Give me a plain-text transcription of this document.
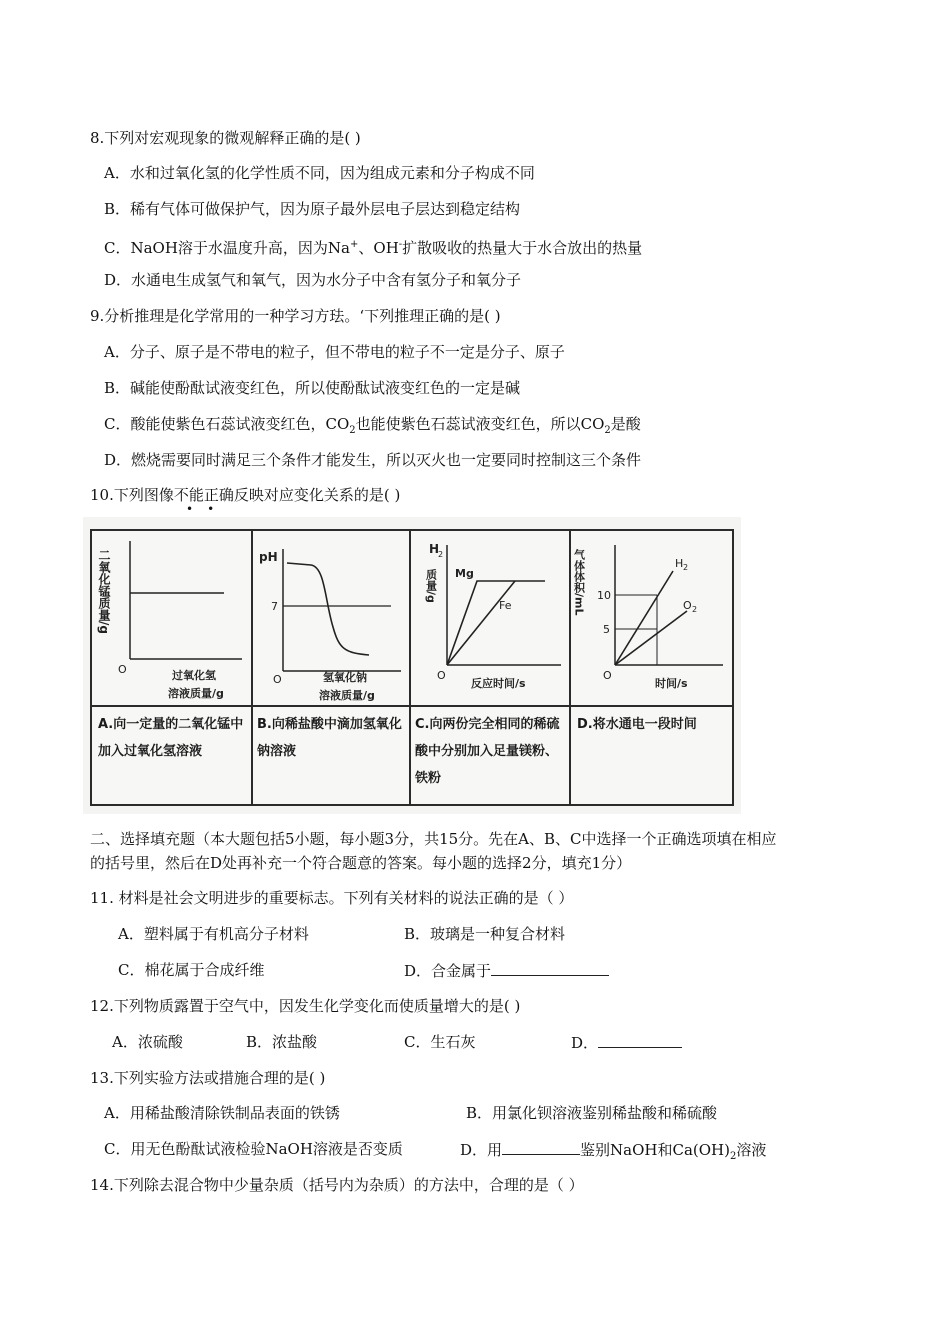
8.下列对宏观现象的微观解释正确的是( )
A．水和过氧化氢的化学性质不同，因为组成元素和分子构成不同
B．稀有气体可做保护气，因为原子最外层电子层达到稳定结构
C．NaOH溶于水温度升高，因为Na+、OH-扩散吸收的热量大于水合放出的热量
D．水通电生成氢气和氧气，因为水分子中含有氢分子和氧分子
9.分析推理是化学常用的一种学习方珐。‘下列推理正确的是( )
A．分子、原子是不带电的粒子，但不带电的粒子不一定是分子、原子
B．碱能使酚酞试液变红色，所以使酚酞试液变红色的一定是碱
C．酸能使紫色石蕊试液变红色，$CO_2$也能使紫色石蕊试液变红色，所以$CO_2$是酸
D．燃烧需要同时满足三个条件才能发生，所以灭火也一定要同时控制这三个条件
10.下列图像不能正确反映对应变化关系的是( )
••
二氧化锰质量/g
O	过氧化氢
溶液质量/g
A.向一定量的二氧化锰中加入过氧化氢溶液
pH
7
O	氢氧化钠
溶液质量/g
B.向稀盐酸中滴加氢氧化钠溶液
H
2
质量/g Mg
Fe
O
反应时间/s
C.向两份完全相同的稀硫酸中分别加入足量镁粉、铁粉
气体体积/mL 10
5
H 2
O 2
O
时间/s
D.将水通电一段时间
二、选择填充题（本大题包括5小题，每小题3分，共15分。先在A、B、C中选择一个正确选项填在相应
的括号里，然后在D处再补充一个符合题意的答案。每小题的选择2分，填充1分）
11. 材料是社会文明进步的重要标志。下列有关材料的说法正确的是（ ）
A．塑料属于有机高分子材料	B．玻璃是一种复合材料
C．棉花属于合成纤维	D．合金属于
12.下列物质露置于空气中，因发生化学变化而使质量增大的是( )
A．浓硫酸	B．浓盐酸	C．生石灰	D．
13.下列实验方法或措施合理的是( )
A．用稀盐酸清除铁制品表面的铁锈	B．用氯化钡溶液鉴别稀盐酸和稀硫酸
C．用无色酚酞试液检验NaOH溶液是否变质	D．用	鉴别NaOH和$Ca(OH)_2$溶液
14.下列除去混合物中少量杂质（括号内为杂质）的方法中，合理的是（ ）
